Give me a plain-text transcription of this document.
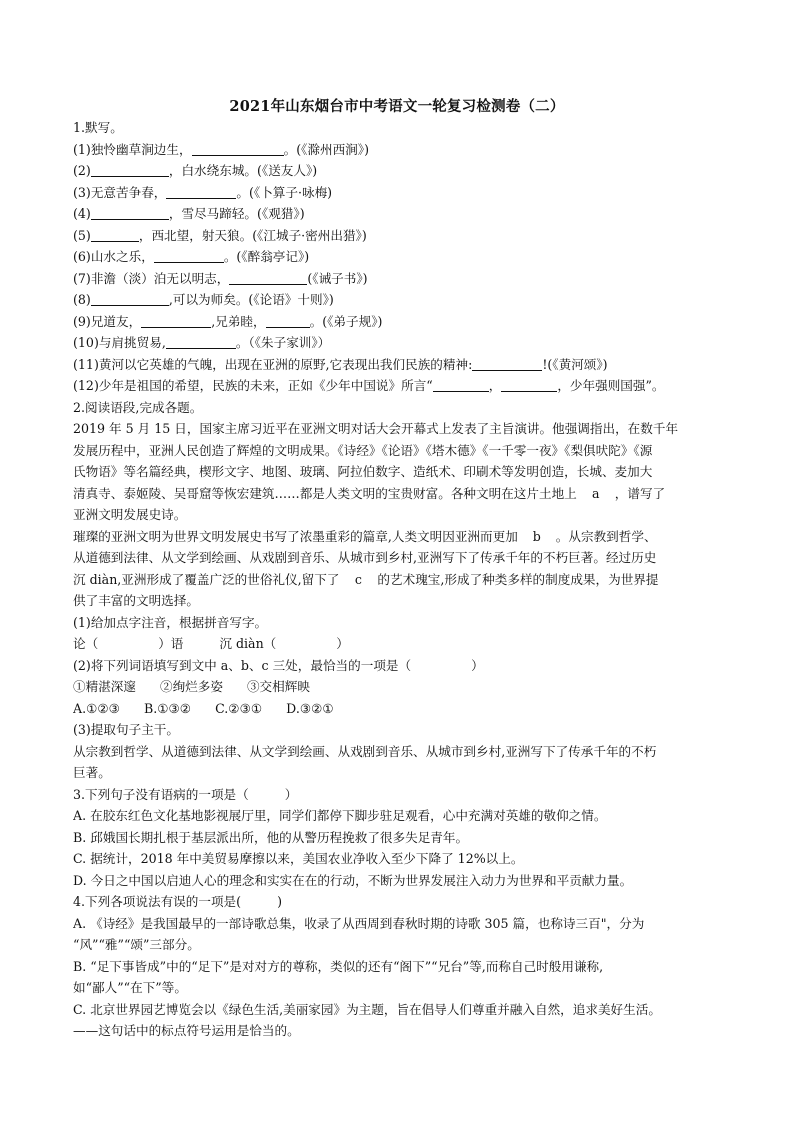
2021年山东烟台市中考语文一轮复习检测卷（二）
1.默写。
(1)独怜幽草涧边生，	。(《滁州西涧》)
(2)	，白水绕东城。(《送友人》)
(3)无意苦争春，	。(《卜算子·咏梅)
(4)	，雪尽马蹄轻。(《观猎》)
(5)	，西北望，射天狼。(《江城子·密州出猎》)
(6)山水之乐，	。(《醉翁亭记》)
(7)非澹（淡）泊无以明志，	(《诫子书》)
(8)	,可以为师矣。(《论语》十则》)
(9)兄道友，	,兄弟睦，	。(《弟子规》)
(10)与肩挑贸易,	。（《朱子家训》）
(11)黄河以它英雄的气魄，出现在亚洲的原野,它表现出我们民族的精神:	!(《黄河颂》)
(12)少年是祖国的希望，民族的未来，正如《少年中国说》所言“	，	，少年强则国强”。
2.阅读语段,完成各题。
2019 年 5 月 15 日，国家主席习近平在亚洲文明对话大会开幕式上发表了主旨演讲。他强调指出，在数千年
发展历程中，亚洲人民创造了辉煌的文明成果。《诗经》《论语》《塔木德》《一千零一夜》《梨俱吠陀》《源
氏物语》等名篇经典，楔形文字、地图、玻璃、阿拉伯数字、造纸术、印刷术等发明创造，长城、麦加大
清真寺、泰姬陵、吴哥窟等恢宏建筑……都是人类文明的宝贵财富。各种文明在这片土地上 a ，谱写了
亚洲文明发展史诗。
璀璨的亚洲文明为世界文明发展史书写了浓墨重彩的篇章,人类文明因亚洲而更加 b 。从宗教到哲学、
从道德到法律、从文学到绘画、从戏剧到音乐、从城市到乡村,亚洲写下了传承千年的不朽巨著。经过历史
沉 diàn,亚洲形成了覆盖广泛的世俗礼仪,留下了 c 的艺术瑰宝,形成了种类多样的制度成果，为世界提
供了丰富的文明选择。
(1)给加点字注音，根据拼音写字。
论（	）语	沉 diàn（	）
(2)将下列词语填写到文中 a、b、c 三处，最恰当的一项是（	）
①精湛深邃 ②绚烂多姿 ③交相辉映
A.①②③ B.①③② C.②③① D.③②①
(3)提取句子主干。
从宗教到哲学、从道德到法律、从文学到绘画、从戏剧到音乐、从城市到乡村,亚洲写下了传承千年的不朽
巨著。
3.下列句子没有语病的一项是（	）
A. 在胶东红色文化基地影视展厅里，同学们都停下脚步驻足观看，心中充满对英雄的敬仰之情。
B. 邱娥国长期扎根于基层派出所，他的从警历程挽救了很多失足青年。
C. 据统计，2018 年中美贸易摩擦以来，美国农业净收入至少下降了 12%以上。
D. 今日之中国以启迪人心的理念和实实在在的行动，不断为世界发展注入动力为世界和平贡献力量。
4.下列各项说法有误的一项是(	)
A. 《诗经》是我国最早的一部诗歌总集，收录了从西周到春秋时期的诗歌 305 篇，也称诗三百"，分为
“风”“雅”“颂”三部分。
B. “足下事皆成”中的“足下”是对对方的尊称，类似的还有“阁下”“兄台”等,而称自己时般用谦称,
如“鄙人”“在下”等。
C. 北京世界园艺博览会以《绿色生活,美丽家园》为主题，旨在倡导人们尊重并融入自然，追求美好生活。
——这句话中的标点符号运用是恰当的。
